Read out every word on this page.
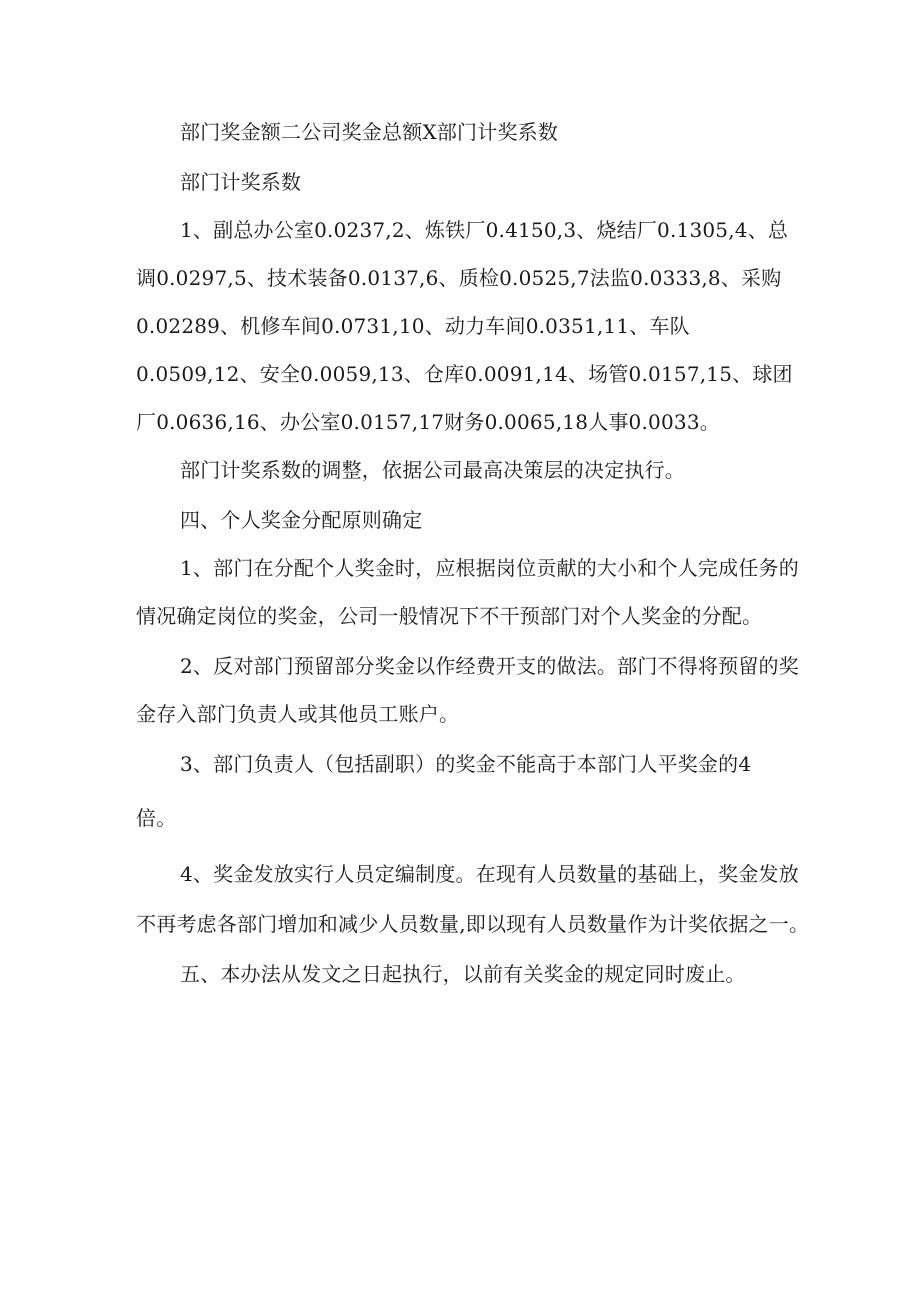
部门奖金额二公司奖金总额X部门计奖系数
部门计奖系数
1、副总办公室0.0237,2、炼铁厂0.4150,3、烧结厂0.1305,4、总
调0.0297,5、技术装备0.0137,6、质检0.0525,7法监0.0333,8、采购
0.02289、机修车间0.0731,10、动力车间0.0351,11、车队
0.0509,12、安全0.0059,13、仓库0.0091,14、场管0.0157,15、球团
厂0.0636,16、办公室0.0157,17财务0.0065,18人事0.0033。
部门计奖系数的调整，依据公司最高决策层的决定执行。
四、个人奖金分配原则确定
1、部门在分配个人奖金时，应根据岗位贡献的大小和个人完成任务的
情况确定岗位的奖金，公司一般情况下不干预部门对个人奖金的分配。
2、反对部门预留部分奖金以作经费开支的做法。部门不得将预留的奖
金存入部门负责人或其他员工账户。
3、部门负责人（包括副职）的奖金不能高于本部门人平奖金的4
倍。
4、奖金发放实行人员定编制度。在现有人员数量的基础上，奖金发放
不再考虑各部门增加和减少人员数量,即以现有人员数量作为计奖依据之一。
五、本办法从发文之日起执行，以前有关奖金的规定同时废止。
